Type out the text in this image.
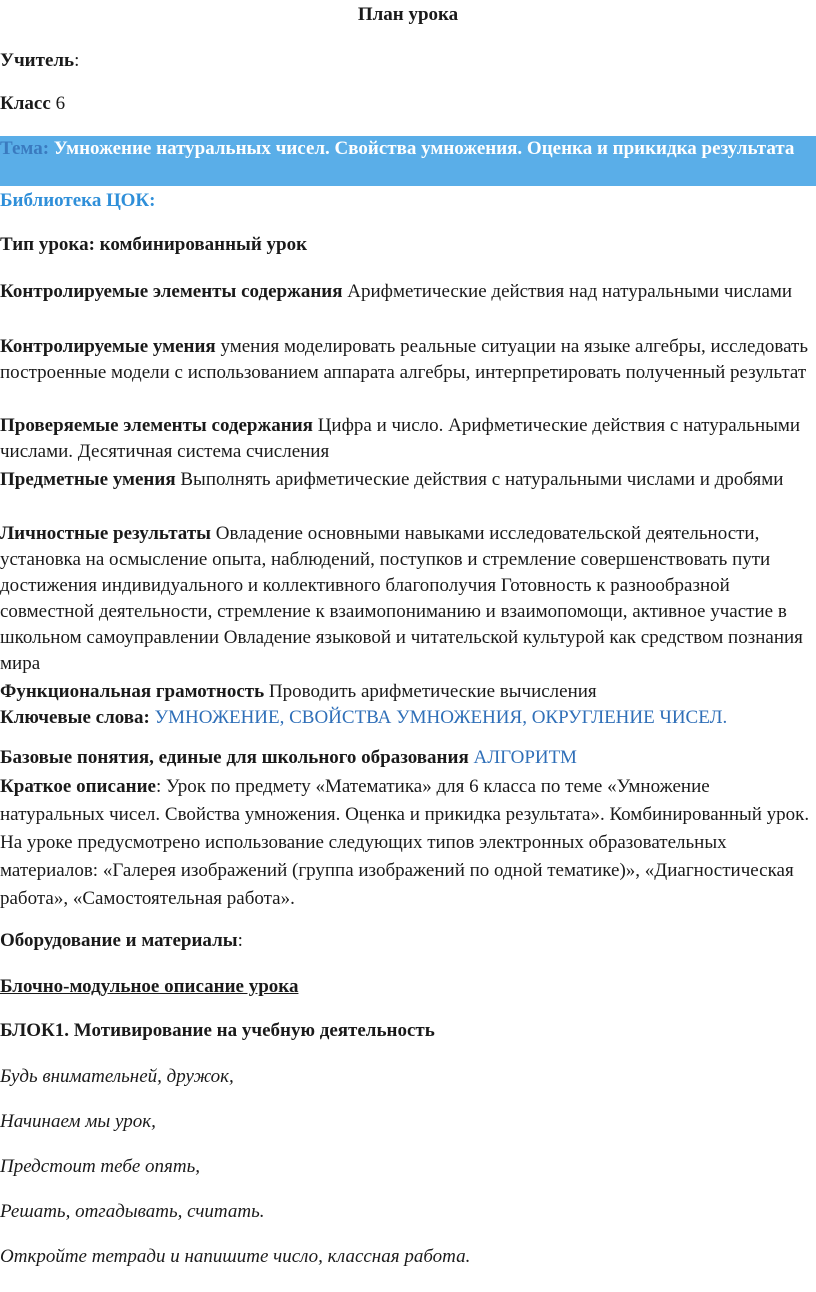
План урока
Учитель:
Класс 6
Тема: Умножение натуральных чисел. Свойства умножения. Оценка и прикидка результата
Библиотека ЦОК:
Тип урока: комбинированный урок
Контролируемые элементы содержания Арифметические действия над натуральными числами
Контролируемые умения умения моделировать реальные ситуации на языке алгебры, исследовать построенные модели с использованием аппарата алгебры, интерпретировать полученный результат
Проверяемые элементы содержания Цифра и число. Арифметические действия с натуральными числами. Десятичная система счисления
Предметные умения Выполнять арифметические действия с натуральными числами и дробями
Личностные результаты Овладение основными навыками исследовательской деятельности, установка на осмысление опыта, наблюдений, поступков и стремление совершенствовать пути достижения индивидуального и коллективного благополучия Готовность к разнообразной совместной деятельности, стремление к взаимопониманию и взаимопомощи, активное участие в школьном самоуправлении Овладение языковой и читательской культурой как средством познания мира
Функциональная грамотность Проводить арифметические вычисления
Ключевые слова: УМНОЖЕНИЕ, СВОЙСТВА УМНОЖЕНИЯ, ОКРУГЛЕНИЕ ЧИСЕЛ.
Базовые понятия, единые для школьного образования АЛГОРИТМ
Краткое описание: Урок по предмету «Математика» для 6 класса по теме «Умножение натуральных чисел. Свойства умножения. Оценка и прикидка результата». Комбинированный урок. На уроке предусмотрено использование следующих типов электронных образовательных материалов: «Галерея изображений (группа изображений по одной тематике)», «Диагностическая работа», «Самостоятельная работа».
Оборудование и материалы:
Блочно-модульное описание урока
БЛОК1. Мотивирование на учебную деятельность
Будь внимательней, дружок,
Начинаем мы урок,
Предстоит тебе опять,
Решать, отгадывать, считать.
Откройте тетради и напишите число, классная работа.
